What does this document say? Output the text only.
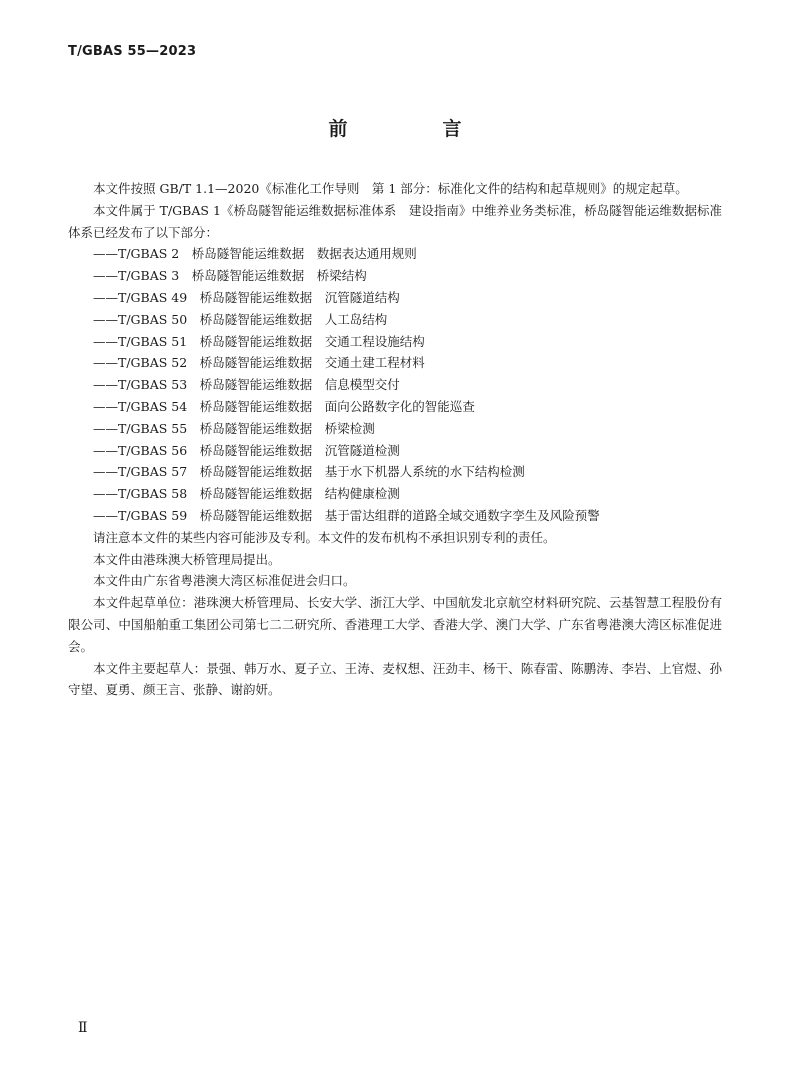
T/GBAS 55—2023
前　言

本文件按照 GB/T 1.1—2020《标准化工作导则　第 1 部分：标准化文件的结构和起草规则》的规定起草。

本文件属于 T/GBAS 1《桥岛隧智能运维数据标准体系　建设指南》中维养业务类标准，桥岛隧智能运维数据标准体系已经发布了以下部分：

——T/GBAS 2　桥岛隧智能运维数据　数据表达通用规则
——T/GBAS 3　桥岛隧智能运维数据　桥梁结构
——T/GBAS 49　桥岛隧智能运维数据　沉管隧道结构
——T/GBAS 50　桥岛隧智能运维数据　人工岛结构
——T/GBAS 51　桥岛隧智能运维数据　交通工程设施结构
——T/GBAS 52　桥岛隧智能运维数据　交通土建工程材料
——T/GBAS 53　桥岛隧智能运维数据　信息模型交付
——T/GBAS 54　桥岛隧智能运维数据　面向公路数字化的智能巡查
——T/GBAS 55　桥岛隧智能运维数据　桥梁检测
——T/GBAS 56　桥岛隧智能运维数据　沉管隧道检测
——T/GBAS 57　桥岛隧智能运维数据　基于水下机器人系统的水下结构检测
——T/GBAS 58　桥岛隧智能运维数据　结构健康检测
——T/GBAS 59　桥岛隧智能运维数据　基于雷达组群的道路全域交通数字孪生及风险预警

请注意本文件的某些内容可能涉及专利。本文件的发布机构不承担识别专利的责任。

本文件由港珠澳大桥管理局提出。

本文件由广东省粤港澳大湾区标准促进会归口。

本文件起草单位：港珠澳大桥管理局、长安大学、浙江大学、中国航发北京航空材料研究院、云基智慧工程股份有限公司、中国船舶重工集团公司第七二二研究所、香港理工大学、香港大学、澳门大学、广东省粤港澳大湾区标准促进会。

本文件主要起草人：景强、韩万水、夏子立、王涛、麦权想、汪劲丰、杨干、陈春雷、陈鹏涛、李岩、上官煜、孙守望、夏勇、颜王言、张静、谢韵妍。

Ⅱ
